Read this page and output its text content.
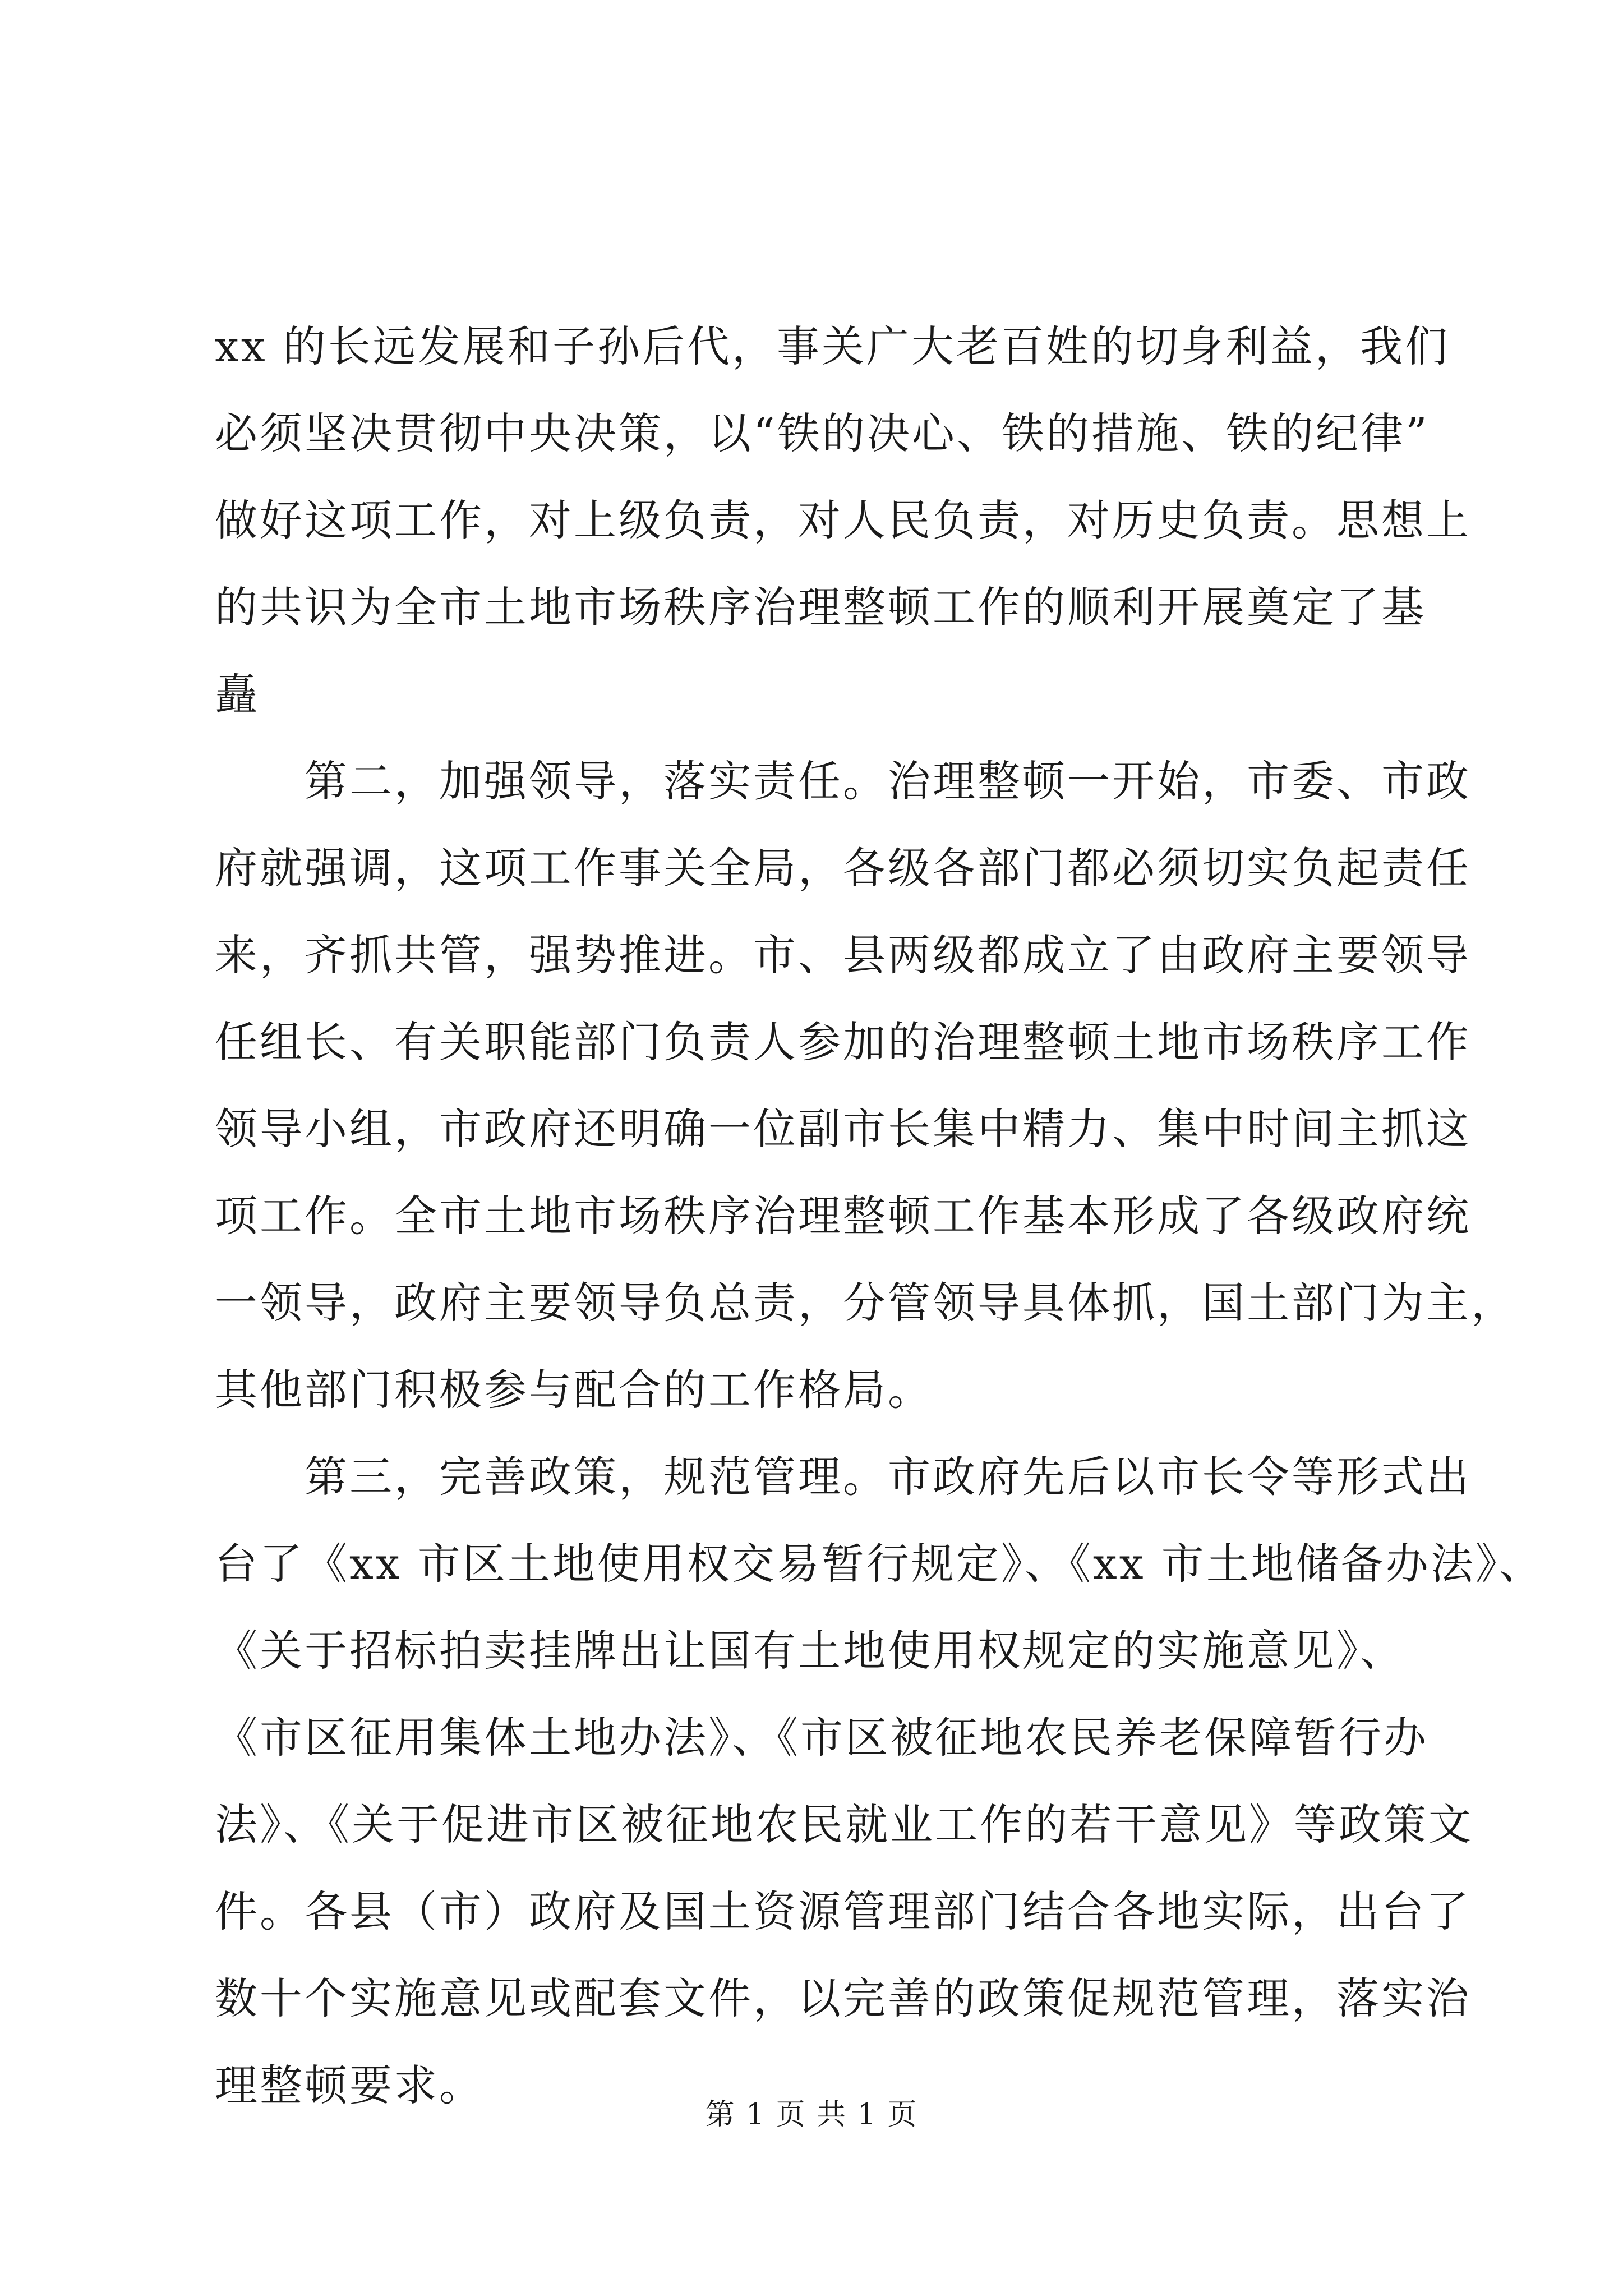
xx 的长远发展和子孙后代，事关广大老百姓的切身利益，我们
必须坚决贯彻中央决策，以“铁的决心、铁的措施、铁的纪律”
做好这项工作，对上级负责，对人民负责，对历史负责。思想上
的共识为全市土地市场秩序治理整顿工作的顺利开展奠定了基
矗
第二，加强领导，落实责任。治理整顿一开始，市委、市政
府就强调，这项工作事关全局，各级各部门都必须切实负起责任
来，齐抓共管，强势推进。市、县两级都成立了由政府主要领导
任组长、有关职能部门负责人参加的治理整顿土地市场秩序工作
领导小组，市政府还明确一位副市长集中精力、集中时间主抓这
项工作。全市土地市场秩序治理整顿工作基本形成了各级政府统
一领导，政府主要领导负总责，分管领导具体抓，国土部门为主，
其他部门积极参与配合的工作格局。
第三，完善政策，规范管理。市政府先后以市长令等形式出
台了《xx 市区土地使用权交易暂行规定》、《xx 市土地储备办法》、
《关于招标拍卖挂牌出让国有土地使用权规定的实施意见》、
《市区征用集体土地办法》、《市区被征地农民养老保障暂行办
法》、《关于促进市区被征地农民就业工作的若干意见》等政策文
件。各县（市）政府及国土资源管理部门结合各地实际，出台了
数十个实施意见或配套文件，以完善的政策促规范管理，落实治
理整顿要求。
第 1 页 共 1 页
